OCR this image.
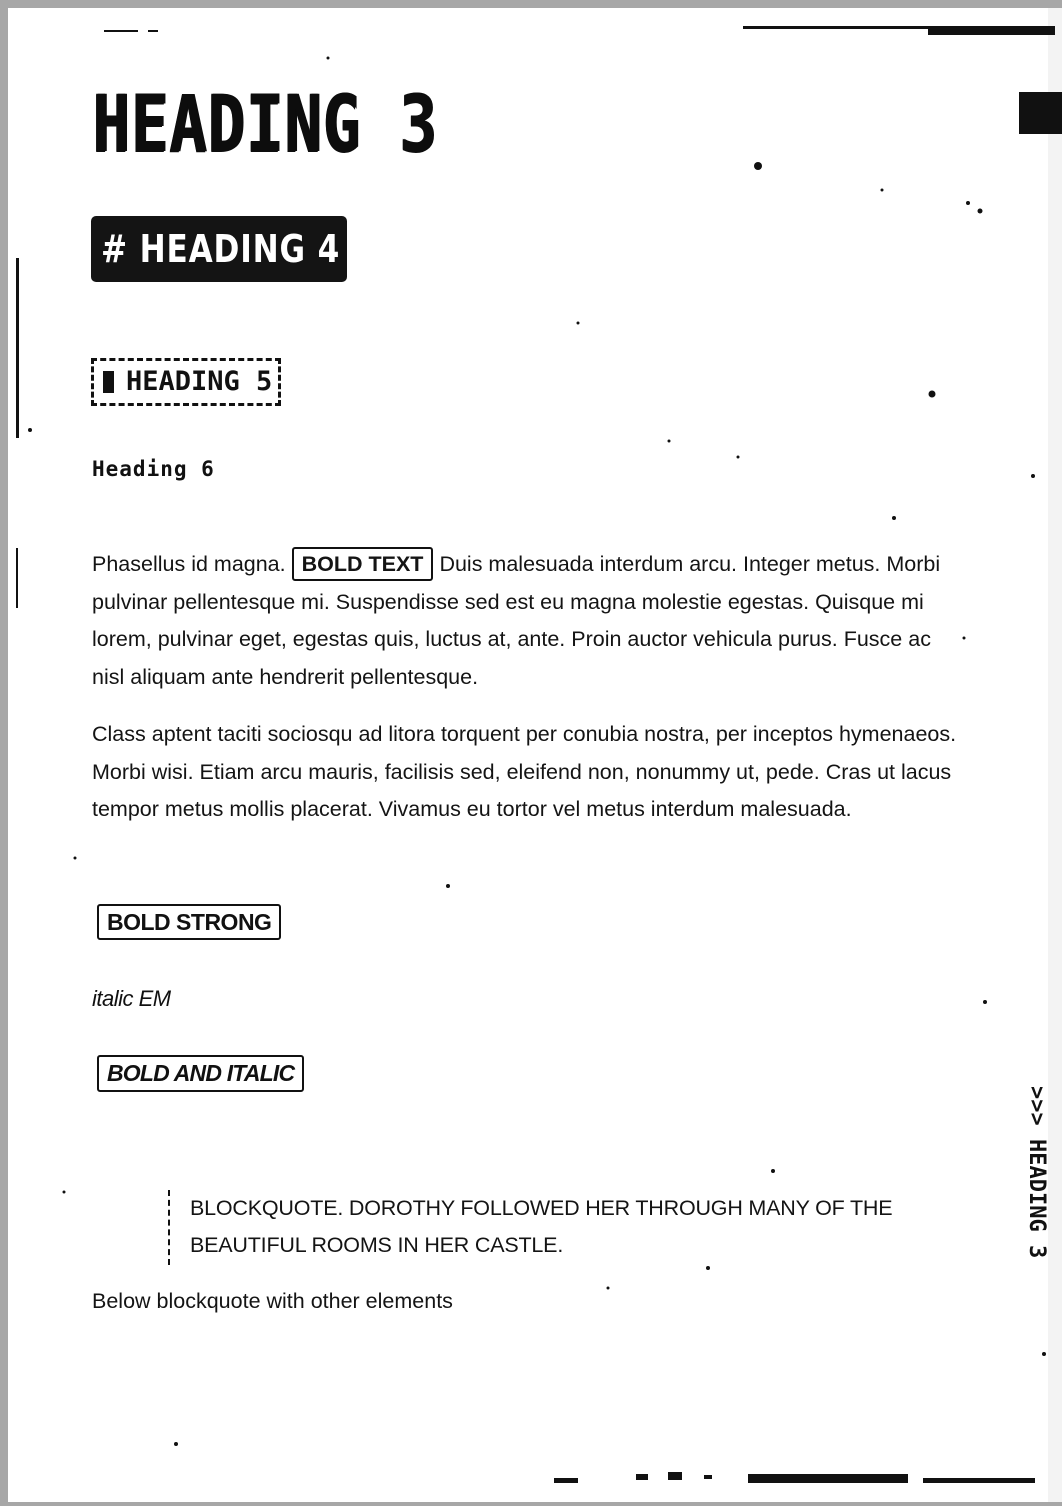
HEADING 3
# HEADING 4 ///
HEADING 5
Heading 6

Phasellus id magna. BOLD TEXT Duis malesuada interdum arcu. Integer metus. Morbi pulvinar pellentesque mi. Suspendisse sed est eu magna molestie egestas. Quisque mi lorem, pulvinar eget, egestas quis, luctus at, ante. Proin auctor vehicula purus. Fusce ac nisl aliquam ante hendrerit pellentesque.

Class aptent taciti sociosqu ad litora torquent per conubia nostra, per inceptos hymenaeos. Morbi wisi. Etiam arcu mauris, facilisis sed, eleifend non, nonummy ut, pede. Cras ut lacus tempor metus mollis placerat. Vivamus eu tortor vel metus interdum malesuada.

BOLD STRONG
italic EM
BOLD AND ITALIC
BLOCKQUOTE. DOROTHY FOLLOWED HER THROUGH MANY OF THE BEAUTIFUL ROOMS IN HER CASTLE.
Below blockquote with other elements
>>> HEADING 3
